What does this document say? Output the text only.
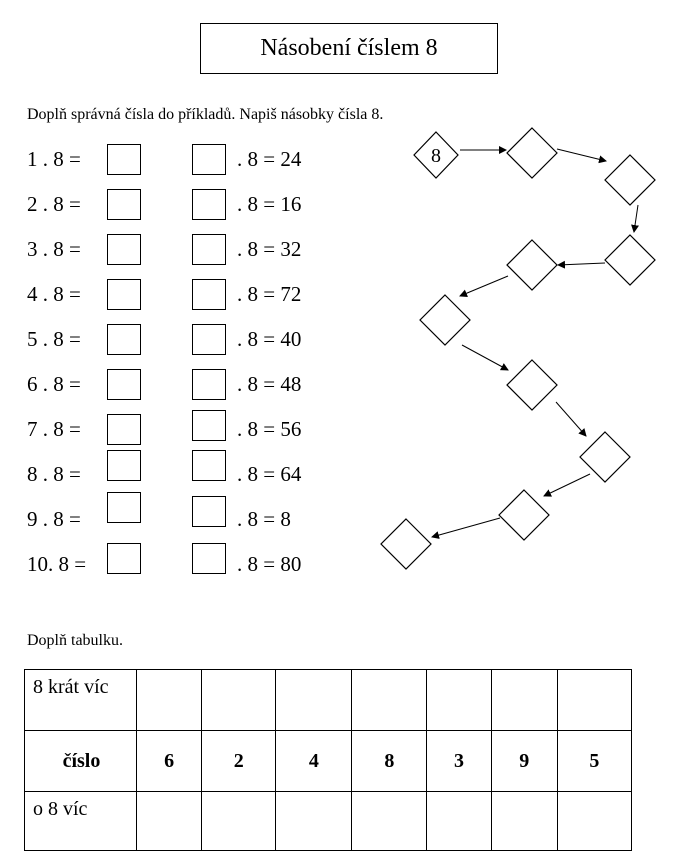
Násobení číslem 8
Doplň správná čísla do příkladů. Napiš násobky čísla 8.
1 . 8 =	. 8 = 24
2 . 8 =	. 8 = 16
3 . 8 =	. 8 = 32
4 . 8 =	. 8 = 72
5 . 8 =	. 8 = 40
6 . 8 =	. 8 = 48
7 . 8 =	. 8 = 56
8 . 8 =	. 8 = 64
9 . 8 =	. 8 = 8
10. 8 =	. 8 = 80
8
Doplň tabulku.
8 krát víc							
číslo	6	2	4	8	3	9	5
o 8 víc							
